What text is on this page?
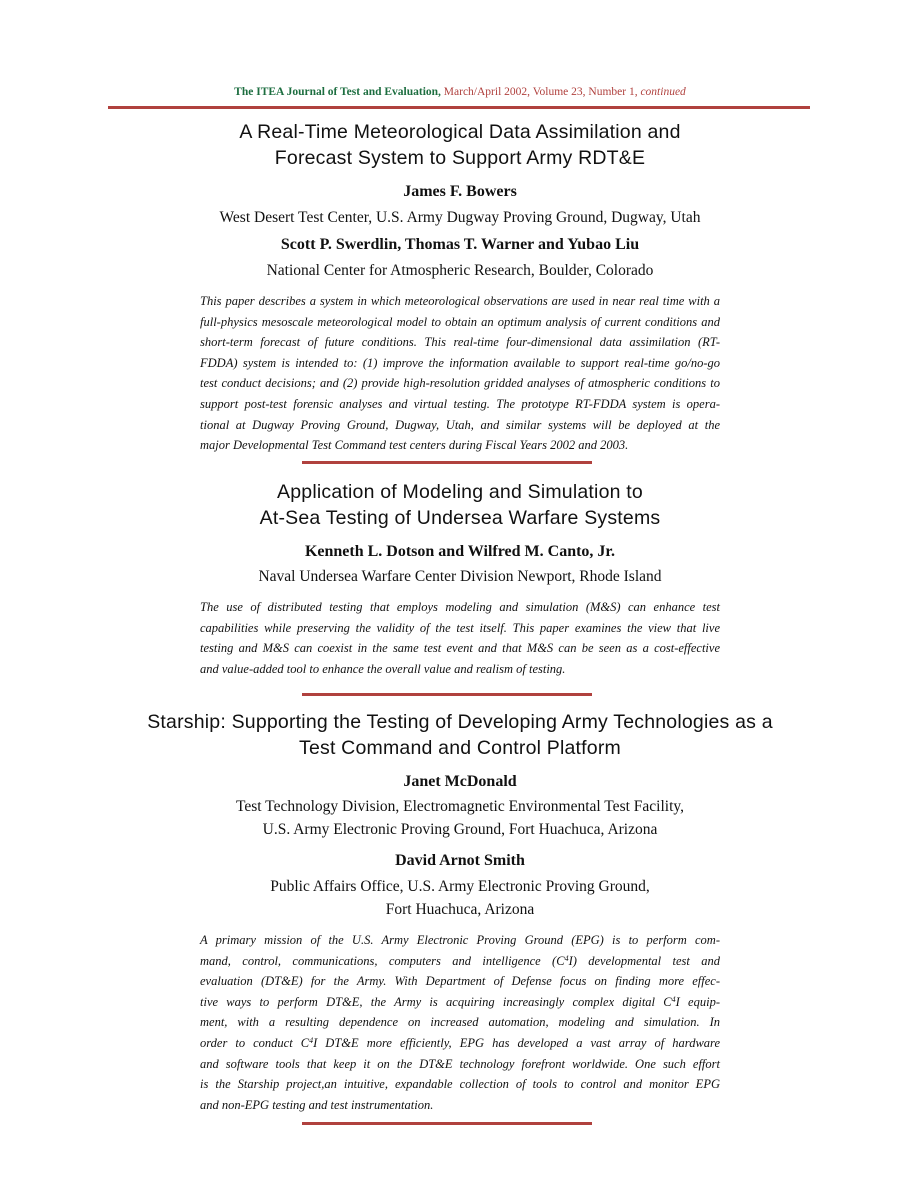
The ITEA Journal of Test and Evaluation, March/April 2002, Volume 23, Number 1, continued
A Real-Time Meteorological Data Assimilation and
Forecast System to Support Army RDT&E
James F. Bowers
West Desert Test Center, U.S. Army Dugway Proving Ground, Dugway, Utah
Scott P. Swerdlin, Thomas T. Warner and Yubao Liu
National Center for Atmospheric Research, Boulder, Colorado
This paper describes a system in which meteorological observations are used in near real time with a
full-physics mesoscale meteorological model to obtain an optimum analysis of current conditions and
short-term forecast of future conditions. This real-time four-dimensional data assimilation (RT-
FDDA) system is intended to: (1) improve the information available to support real-time go/no-go
test conduct decisions; and (2) provide high-resolution gridded analyses of atmospheric conditions to
support post-test forensic analyses and virtual testing. The prototype RT-FDDA system is opera-
tional at Dugway Proving Ground, Dugway, Utah, and similar systems will be deployed at the
major Developmental Test Command test centers during Fiscal Years 2002 and 2003.
Application of Modeling and Simulation to
At-Sea Testing of Undersea Warfare Systems
Kenneth L. Dotson and Wilfred M. Canto, Jr.
Naval Undersea Warfare Center Division Newport, Rhode Island
The use of distributed testing that employs modeling and simulation (M&S) can enhance test
capabilities while preserving the validity of the test itself. This paper examines the view that live
testing and M&S can coexist in the same test event and that M&S can be seen as a cost-effective
and value-added tool to enhance the overall value and realism of testing.
Starship: Supporting the Testing of Developing Army Technologies as a
Test Command and Control Platform
Janet McDonald
Test Technology Division, Electromagnetic Environmental Test Facility,
U.S. Army Electronic Proving Ground, Fort Huachuca, Arizona
David Arnot Smith
Public Affairs Office, U.S. Army Electronic Proving Ground,
Fort Huachuca, Arizona
A primary mission of the U.S. Army Electronic Proving Ground (EPG) is to perform com-
mand, control, communications, computers and intelligence $(C^4I)$ developmental test and
evaluation (DT&E) for the Army. With Department of Defense focus on finding more effec-
tive ways to perform DT&E, the Army is acquiring increasingly complex digital $C^4I$ equip-
ment, with a resulting dependence on increased automation, modeling and simulation. In
order to conduct $C^4I$ DT&E more efficiently, EPG has developed a vast array of hardware
and software tools that keep it on the DT&E technology forefront worldwide. One such effort
is the Starship project,an intuitive, expandable collection of tools to control and monitor EPG
and non-EPG testing and test instrumentation.
